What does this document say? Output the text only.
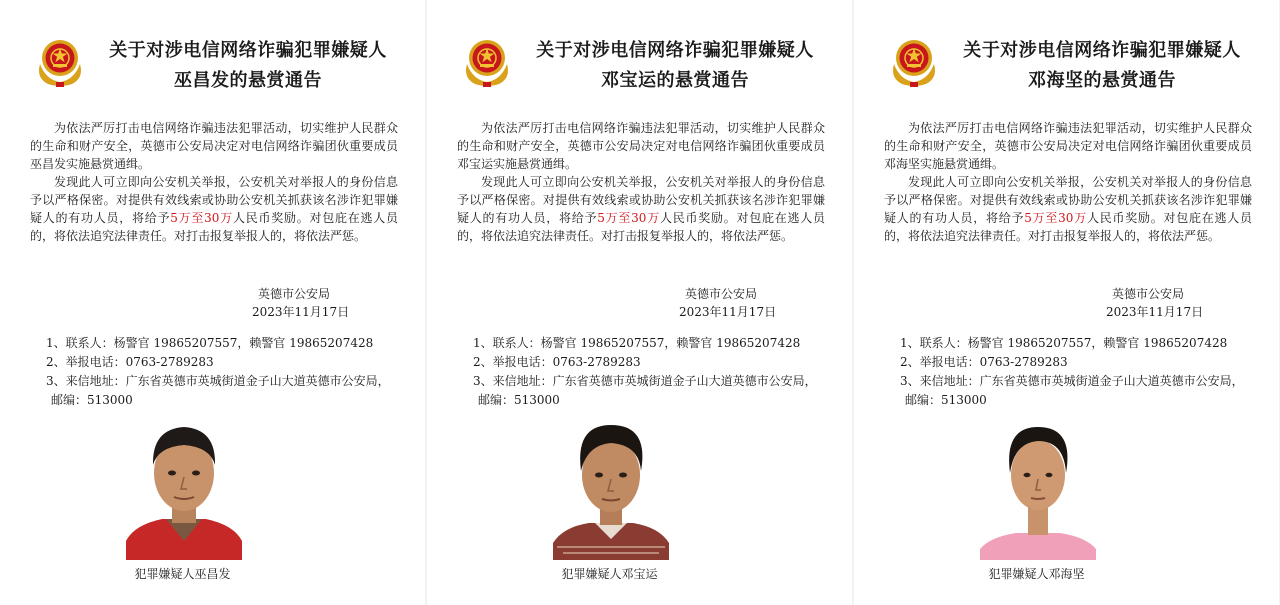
关于对涉电信网络诈骗犯罪嫌疑人
巫昌发的悬赏通告

为依法严厉打击电信网络诈骗违法犯罪活动，切实维护人民群众的生命和财产安全，英德市公安局决定对电信网络诈骗团伙重要成员巫昌发实施悬赏通缉。

发现此人可立即向公安机关举报，公安机关对举报人的身份信息予以严格保密。对提供有效线索或协助公安机关抓获该名涉诈犯罪嫌疑人的有功人员，将给予5万至30万人民币奖励。对包庇在逃人员的，将依法追究法律责任。对打击报复举报人的，将依法严惩。

英德市公安局
2023年11月17日
1、联系人：杨警官 19865207557，赖警官 19865207428
2、举报电话：0763-2789283
3、来信地址：广东省英德市英城街道金子山大道英德市公安局，
邮编：513000
犯罪嫌疑人巫昌发
关于对涉电信网络诈骗犯罪嫌疑人
邓宝运的悬赏通告

为依法严厉打击电信网络诈骗违法犯罪活动，切实维护人民群众的生命和财产安全，英德市公安局决定对电信网络诈骗团伙重要成员邓宝运实施悬赏通缉。

发现此人可立即向公安机关举报，公安机关对举报人的身份信息予以严格保密。对提供有效线索或协助公安机关抓获该名涉诈犯罪嫌疑人的有功人员，将给予5万至30万人民币奖励。对包庇在逃人员的，将依法追究法律责任。对打击报复举报人的，将依法严惩。

英德市公安局
2023年11月17日
1、联系人：杨警官 19865207557，赖警官 19865207428
2、举报电话：0763-2789283
3、来信地址：广东省英德市英城街道金子山大道英德市公安局，
邮编：513000
犯罪嫌疑人邓宝运
关于对涉电信网络诈骗犯罪嫌疑人
邓海坚的悬赏通告

为依法严厉打击电信网络诈骗违法犯罪活动，切实维护人民群众的生命和财产安全，英德市公安局决定对电信网络诈骗团伙重要成员邓海坚实施悬赏通缉。

发现此人可立即向公安机关举报，公安机关对举报人的身份信息予以严格保密。对提供有效线索或协助公安机关抓获该名涉诈犯罪嫌疑人的有功人员，将给予5万至30万人民币奖励。对包庇在逃人员的，将依法追究法律责任。对打击报复举报人的，将依法严惩。

英德市公安局
2023年11月17日
1、联系人：杨警官 19865207557，赖警官 19865207428
2、举报电话：0763-2789283
3、来信地址：广东省英德市英城街道金子山大道英德市公安局，
邮编：513000
犯罪嫌疑人邓海坚
